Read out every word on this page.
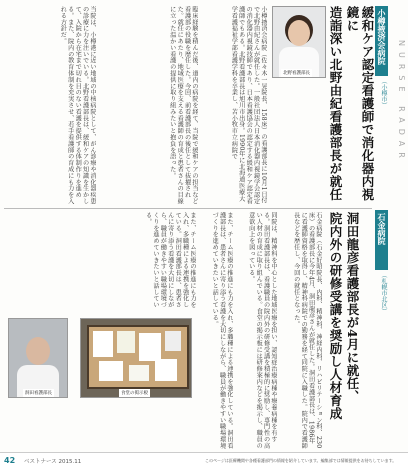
石金病院
（札幌市北区）
洞田龍彦看護部長が4月に就任、
院内外の研修受講を奨励し人材育成
石金病院（石金好昭院長、内科、精神科、神経内科、リハビリテーション科、230床）の看護部長に今年4月、洞田龍彦さんが就任した。洞田看護部長は、1986年に看護師資格を取得し、精神科病院での勤務を経て同院に入職した。院内で看護師長などを歴任し、今回の就任となった。
同院は、精神科を中心とした地域医療を担い、認知症治療病棟や療養病棟を有する。洞田看護部長は、看護職員の院内外の研修受講を積極的に奨励し、専門性の高い人材の育成に取り組んでいる。食堂の掲示板には研修案内などを掲示し、職員の意欲向上を図っている。
また、チーム医療の推進にも力を入れ、多職種による連携を強化している。洞田看護部長は、患者さんに寄り添う看護を大切にしながら、職員が働きやすい職場環境づくりを進めていきたいと話している。
洞田看護部長	食堂の掲示板
小樽掖済会病院
（小樽市）
緩和ケア認定看護師で消化器内視鏡に
造詣深い北野由紀看護部長が就任
北野看護部長
小樽掖済会病院（佐々木一晃院長、158床）の看護部長に10月1日付で北野由紀さんが就任した。一般社団法人日本消化器内視鏡学会認定の消化器内視鏡技師であり、日本看護協会の認定する緩和ケア認定看護師でもある。北野看護部長は旭川市出身。1990年に北海道医療大学看護福祉学部看護学科を卒業し、苫小牧市立病院で
臨床経験を積んだ後、道内の病院を経て、当院で緩和ケアの担当など看護部の役職を歴任した。今回、前看護部長の後任として抜擢された。就任にあたり、地域医療を支える看護師の育成と患者さんの目線に立った温かい看護の提供に取り組みたいと抱負を語った。
当院は、小樽港に近い地域の中核病院として、がん診療や消化器疾患の診療に力を注いでいる。北野看護部長は、緩和ケアの知識を生かして、入院から在宅まで切れ目のない看護を提供する体制作りを進める。また、院内の教育体制を充実させ、若手看護師の育成にも力を入れる方針だ。
また、チーム医療の推進にも力を入れ、多職種による連携を強化している。洞田看護部長は、患者さんに寄り添う看護を大切にしながら、職員が働きやすい職場環境づくりを進めていきたいと話している。
NURSE RADAR
42 ベストナース 2015.11	このページは医療機関や各種看護部門の情報を紹介しています。編集部では情報提供をお待ちしています。
